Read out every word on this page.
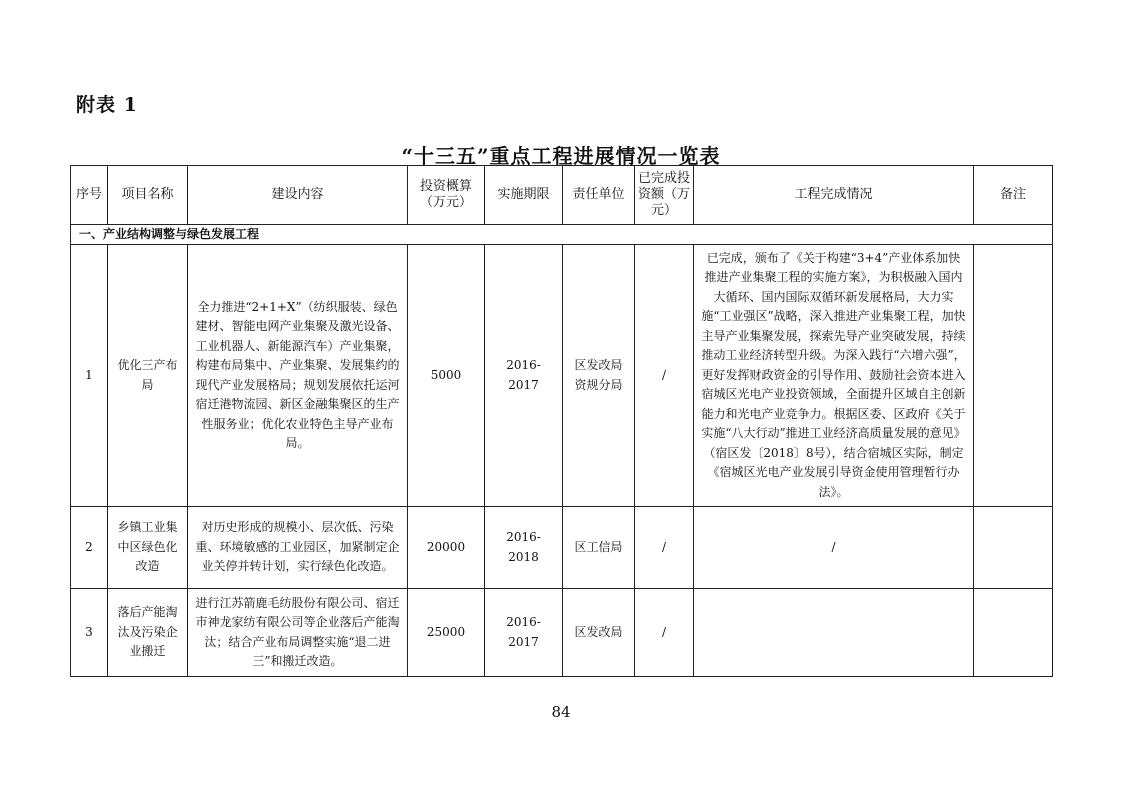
附表 1
“十三五”重点工程进展情况一览表
序号	项目名称	建设内容	投资概算（万元）	实施期限	责任单位	已完成投资额（万元）	工程完成情况	备注
一、产业结构调整与绿色发展工程								
1	优化三产布局	全力推进“2+1+X”（纺织服装、绿色建材、智能电网产业集聚及激光设备、工业机器人、新能源汽车）产业集聚，构建布局集中、产业集聚、发展集约的现代产业发展格局；规划发展依托运河宿迁港物流园、新区金融集聚区的生产性服务业；优化农业特色主导产业布局。	5000	2016-2017	区发改局资规分局	/	已完成，颁布了《关于构建“3+4”产业体系加快推进产业集聚工程的实施方案》，为积极融入国内大循环、国内国际双循环新发展格局，大力实施“工业强区”战略，深入推进产业集聚工程，加快主导产业集聚发展，探索先导产业突破发展，持续推动工业经济转型升级。为深入践行“六增六强”，更好发挥财政资金的引导作用、鼓励社会资本进入宿城区光电产业投资领域，全面提升区域自主创新能力和光电产业竞争力。根据区委、区政府《关于实施“八大行动”推进工业经济高质量发展的意见》（宿区发〔2018〕8号），结合宿城区实际，制定《宿城区光电产业发展引导资金使用管理暂行办法》。	
2	乡镇工业集中区绿色化改造	对历史形成的规模小、层次低、污染重、环境敏感的工业园区，加紧制定企业关停并转计划，实行绿色化改造。	20000	2016-2018	区工信局	/	/	
3	落后产能淘汰及污染企业搬迁	进行江苏箭鹿毛纺股份有限公司、宿迁市神龙家纺有限公司等企业落后产能淘汰；结合产业布局调整实施“退二进三”和搬迁改造。	25000	2016-2017	区发改局	/		
84
